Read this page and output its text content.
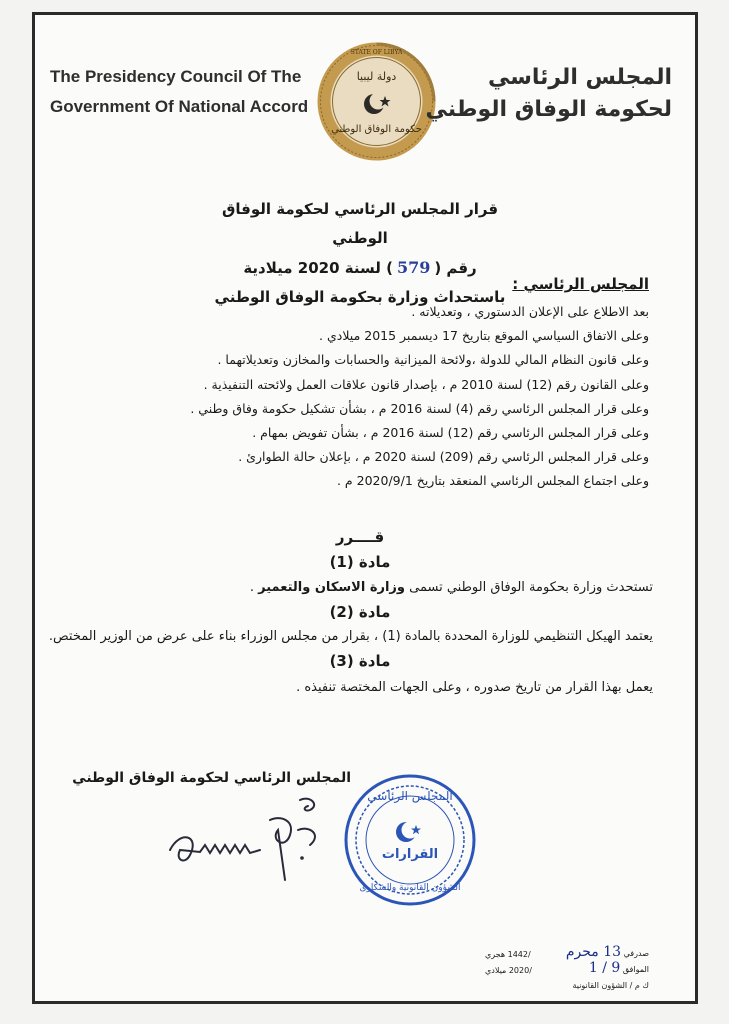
The Presidency Council Of The
Government Of National Accord
STATE OF LIBYA
دولة ليبيا
حكومة الوفاق الوطني
المجلس الرئاسي
لحكومة الوفاق الوطني
قرار المجلس الرئاسي لحكومة الوفاق الوطني
رقم (579) لسنة 2020 ميلادية
باستحداث وزارة بحكومة الوفاق الوطني
المجلس الرئاسي :
بعد الاطلاع على الإعلان الدستوري ، وتعديلاته .
وعلى الاتفاق السياسي الموقع بتاريخ 17 ديسمبر 2015 ميلادي .
وعلى قانون النظام المالي للدولة ،ولائحة الميزانية والحسابات والمخازن وتعديلاتهما .
وعلى القانون رقم (12) لسنة 2010 م ، بإصدار قانون علاقات العمل ولائحته التنفيذية .
وعلى قرار المجلس الرئاسي رقم (4) لسنة 2016 م ، بشأن تشكيل حكومة وفاق وطني .
وعلى قرار المجلس الرئاسي رقم (12) لسنة 2016 م ، بشأن تفويض بمهام .
وعلى قرار المجلس الرئاسي رقم (209) لسنة 2020 م ، بإعلان حالة الطوارئ .
وعلى اجتماع المجلس الرئاسي المنعقد بتاريخ 2020/9/1 م .
قــــرر
مادة (1)
تستحدث وزارة بحكومة الوفاق الوطني تسمى وزارة الاسكان والتعمير .
مادة (2)
يعتمد الهيكل التنظيمي للوزارة المحددة بالمادة (1) ، بقرار من مجلس الوزراء بناء على عرض من الوزير المختص.
مادة (3)
يعمل بهذا القرار من تاريخ صدوره ، وعلى الجهات المختصة تنفيذه .
المجلس الرئاسي لحكومة الوفاق الوطني
المجلس الرئاسي
القرارات
الشؤون القانونية والشكاوى
/1442 هجري
/2020 ميلادي
صدرفي 13 محرم
الموافق 9 / 1
ك م / الشؤون القانونية
